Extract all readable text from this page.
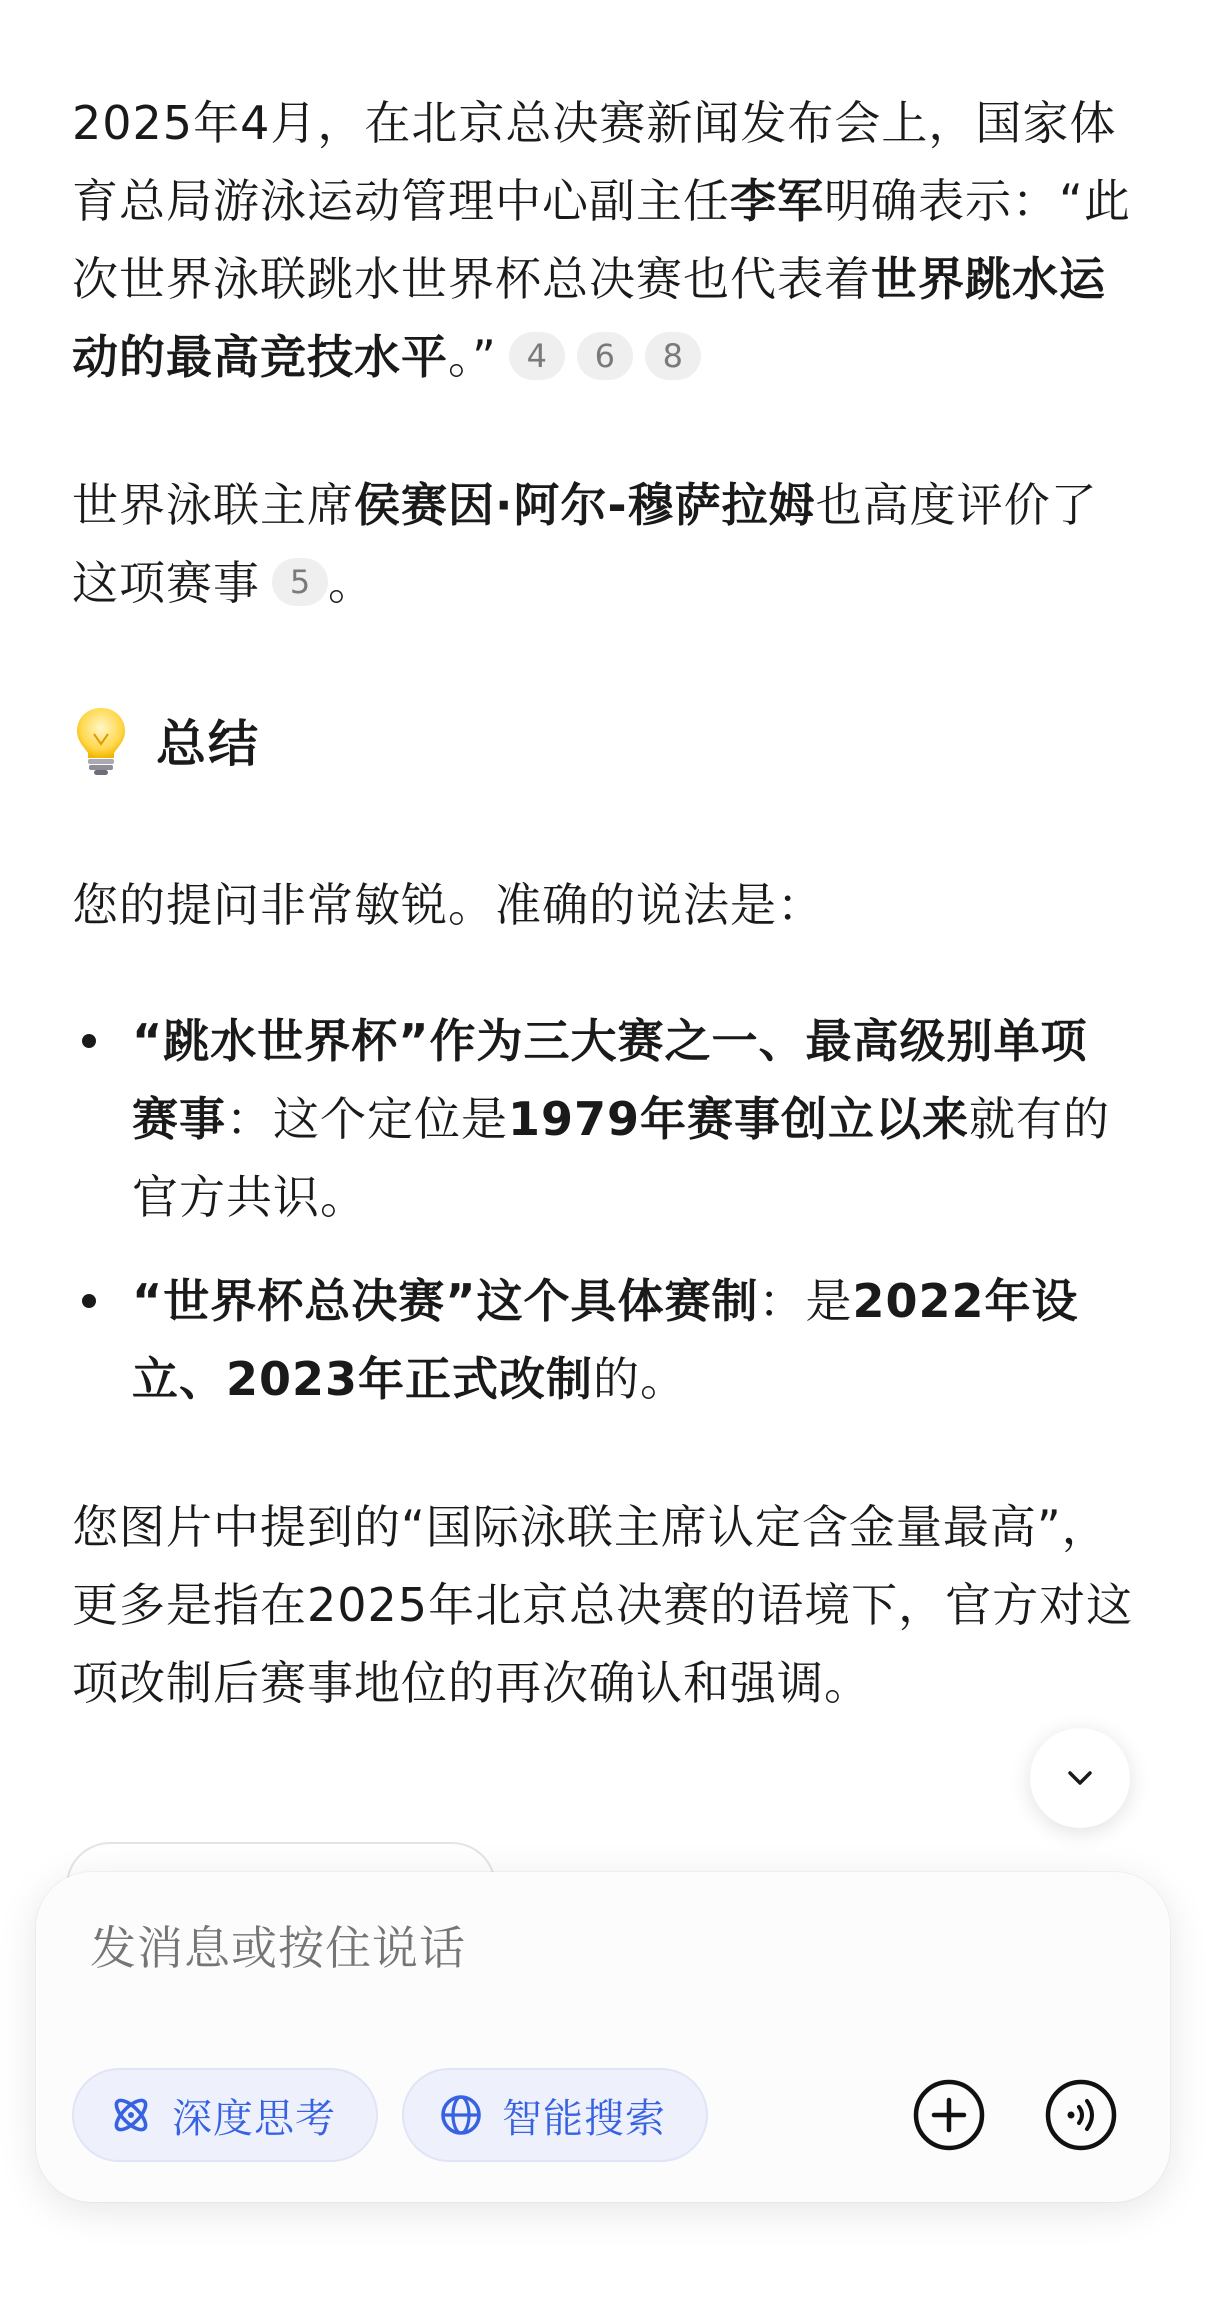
2025年4月，在北京总决赛新闻发布会上，国家体育总局游泳运动管理中心副主任李军明确表示：“此次世界泳联跳水世界杯总决赛也代表着世界跳水运动的最高竞技水平。” 4 6 8

世界泳联主席侯赛因·阿尔-穆萨拉姆也高度评价了这项赛事 5 。

总结

您的提问非常敏锐。准确的说法是：

“跳水世界杯”作为三大赛之一、最高级别单项赛事：这个定位是1979年赛事创立以来就有的官方共识。
“世界杯总决赛”这个具体赛制：是2022年设立、2023年正式改制的。

您图片中提到的“国际泳联主席认定含金量最高”，更多是指在2025年北京总决赛的语境下，官方对这项改制后赛事地位的再次确认和强调。

发消息或按住说话
深度思考	智能搜索
